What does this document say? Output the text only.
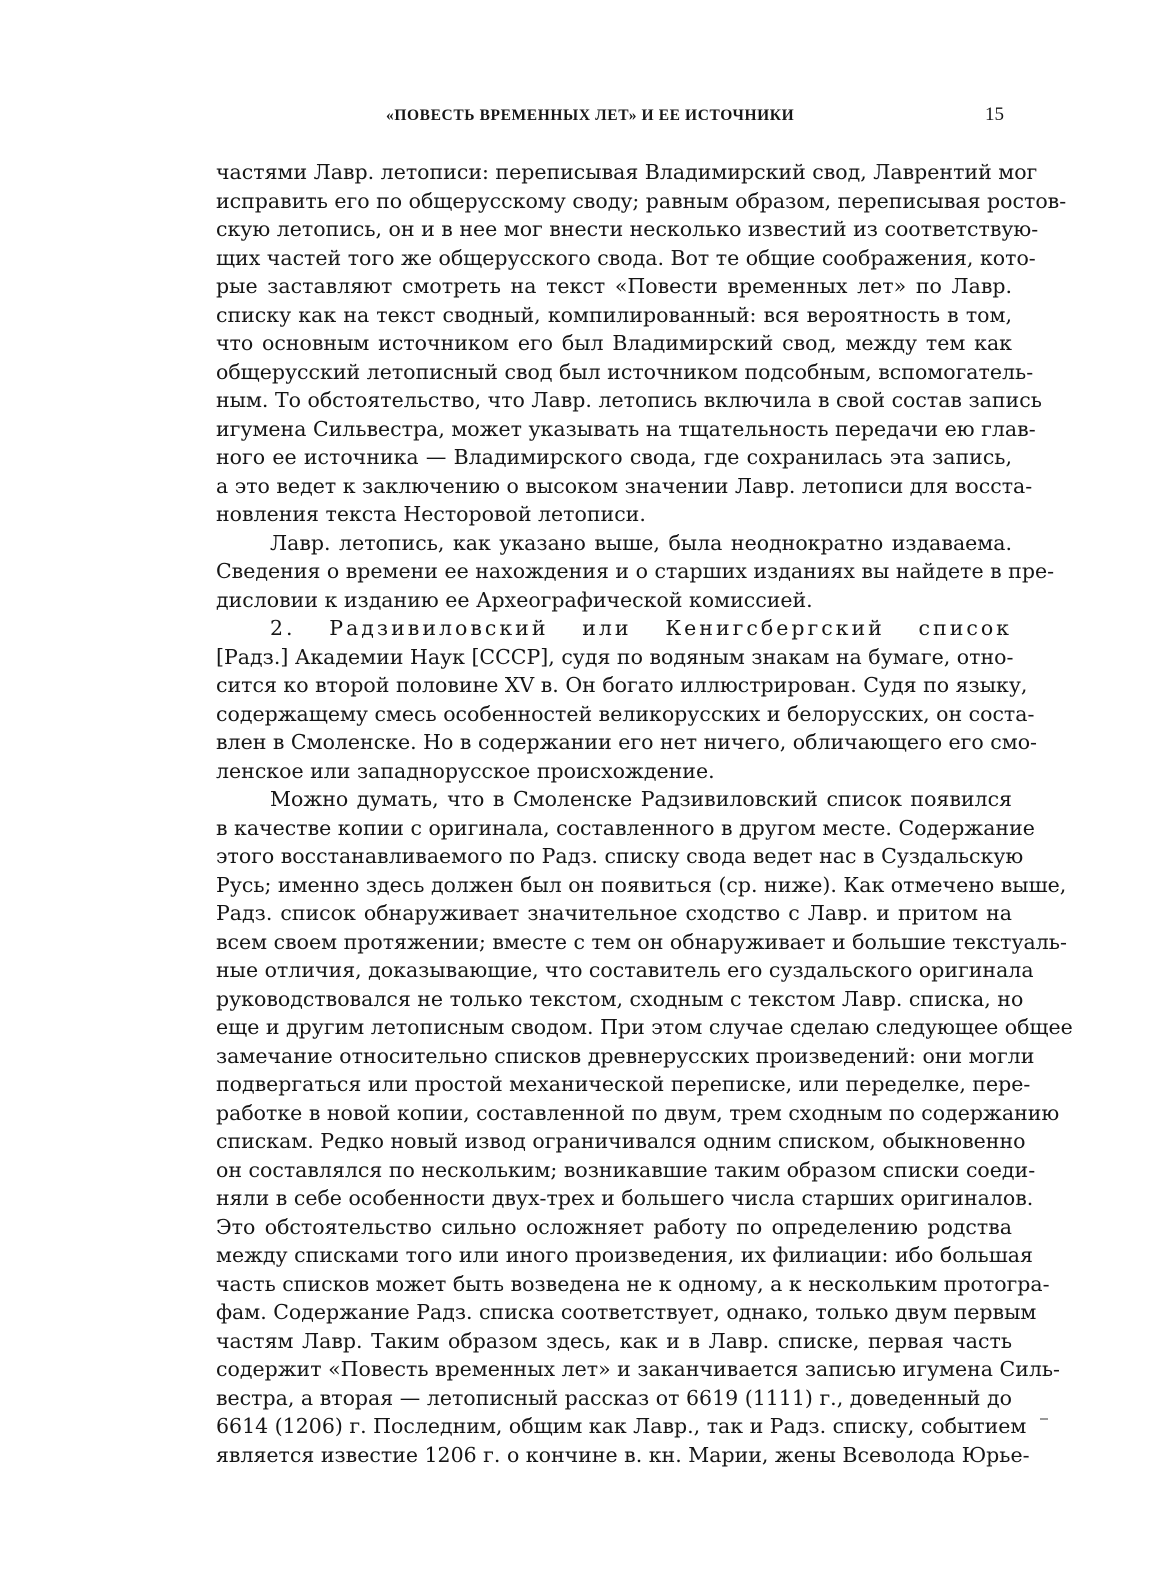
«ПОВЕСТЬ ВРЕМЕННЫХ ЛЕТ» И ЕЕ ИСТОЧНИКИ	15
частями Лавр. летописи: переписывая Владимирский свод, Лаврентий мог
исправить его по общерусскому своду; равным образом, переписывая ростов-
скую летопись, он и в нее мог внести несколько известий из соответствую-
щих частей того же общерусского свода. Вот те общие соображения, кото-
рые заставляют смотреть на текст «Повести временных лет» по Лавр.
списку как на текст сводный, компилированный: вся вероятность в том,
что основным источником его был Владимирский свод, между тем как
общерусский летописный свод был источником подсобным, вспомогатель-
ным. То обстоятельство, что Лавр. летопись включила в свой состав запись
игумена Сильвестра, может указывать на тщательность передачи ею глав-
ного ее источника — Владимирского свода, где сохранилась эта запись,
а это ведет к заключению о высоком значении Лавр. летописи для восста-
новления текста Несторовой летописи.
Лавр. летопись, как указано выше, была неоднократно издаваема.
Сведения о времени ее нахождения и о старших изданиях вы найдете в пре-
дисловии к изданию ее Археографической комиссией.
2. Радзивиловский или Кенигсбергский список
[Радз.] Академии Наук [СССР], судя по водяным знакам на бумаге, отно-
сится ко второй половине XV в. Он богато иллюстрирован. Судя по языку,
содержащему смесь особенностей великорусских и белорусских, он соста-
влен в Смоленске. Но в содержании его нет ничего, обличающего его смо-
ленское или западнорусское происхождение.
Можно думать, что в Смоленске Радзивиловский список появился
в качестве копии с оригинала, составленного в другом месте. Содержание
этого восстанавливаемого по Радз. списку свода ведет нас в Суздальскую
Русь; именно здесь должен был он появиться (ср. ниже). Как отмечено выше,
Радз. список обнаруживает значительное сходство с Лавр. и притом на
всем своем протяжении; вместе с тем он обнаруживает и большие текстуаль-
ные отличия, доказывающие, что составитель его суздальского оригинала
руководствовался не только текстом, сходным с текстом Лавр. списка, но
еще и другим летописным сводом. При этом случае сделаю следующее общее
замечание относительно списков древнерусских произведений: они могли
подвергаться или простой механической переписке, или переделке, пере-
работке в новой копии, составленной по двум, трем сходным по содержанию
спискам. Редко новый извод ограничивался одним списком, обыкновенно
он составлялся по нескольким; возникавшие таким образом списки соеди-
няли в себе особенности двух-трех и большего числа старших оригиналов.
Это обстоятельство сильно осложняет работу по определению родства
между списками того или иного произведения, их филиации: ибо большая
часть списков может быть возведена не к одному, а к нескольким протогра-
фам. Содержание Радз. списка соответствует, однако, только двум первым
частям Лавр. Таким образом здесь, как и в Лавр. списке, первая часть
содержит «Повесть временных лет» и заканчивается записью игумена Силь-
вестра, а вторая — летописный рассказ от 6619 (1111) г., доведенный до
6614 (1206) г. Последним, общим как Лавр., так и Радз. списку, событием
является известие 1206 г. о кончине в. кн. Марии, жены Всеволода Юрье-
